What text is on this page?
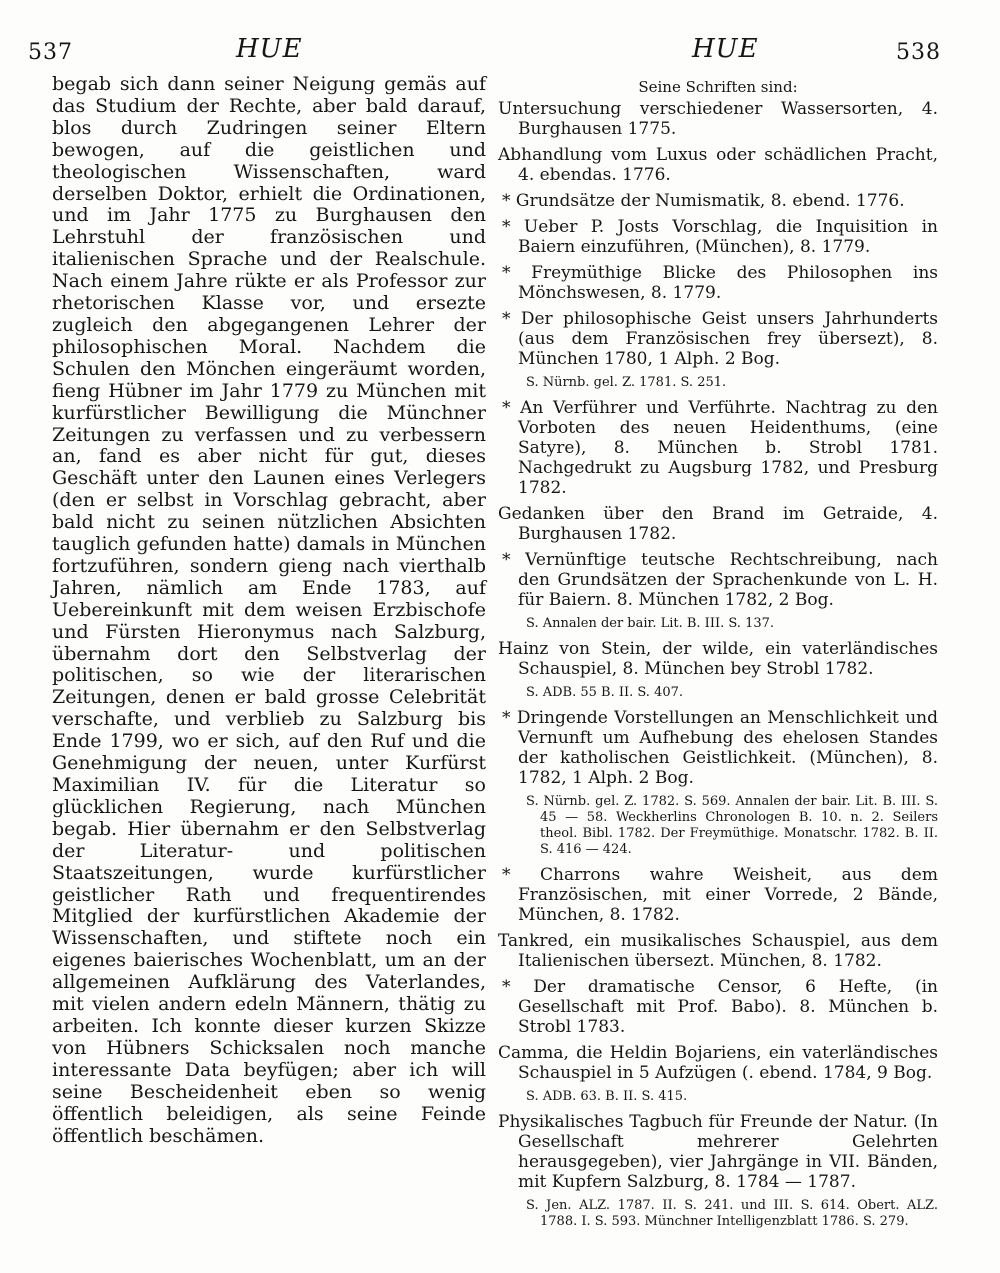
537	HUE	HUE	538

begab sich dann seiner Neigung gemäs auf das Studium der Rechte, aber bald darauf, blos durch Zudringen seiner Eltern bewogen, auf die geistlichen und theologischen Wissenschaften, ward derselben Doktor, erhielt die Ordinationen, und im Jahr 1775 zu Burghausen den Lehrstuhl der französischen und italienischen Sprache und der Realschule. Nach einem Jahre rükte er als Professor zur rhetorischen Klasse vor, und ersezte zugleich den abgegangenen Lehrer der philosophischen Moral. Nachdem die Schulen den Mönchen eingeräumt worden, fieng Hübner im Jahr 1779 zu München mit kurfürstlicher Bewilligung die Münchner Zeitungen zu verfassen und zu verbessern an, fand es aber nicht für gut, dieses Geschäft unter den Launen eines Verlegers (den er selbst in Vorschlag gebracht, aber bald nicht zu seinen nützlichen Absichten tauglich gefunden hatte) damals in München fortzuführen, sondern gieng nach vierthalb Jahren, nämlich am Ende 1783, auf Uebereinkunft mit dem weisen Erzbischofe und Fürsten Hieronymus nach Salzburg, übernahm dort den Selbstverlag der politischen, so wie der literarischen Zeitungen, denen er bald grosse Celebrität verschafte, und verblieb zu Salzburg bis Ende 1799, wo er sich, auf den Ruf und die Genehmigung der neuen, unter Kurfürst Maximilian IV. für die Literatur so glücklichen Regierung, nach München begab. Hier übernahm er den Selbstverlag der Literatur- und politischen Staatszeitungen, wurde kurfürstlicher geistlicher Rath und frequentirendes Mitglied der kurfürstlichen Akademie der Wissenschaften, und stiftete noch ein eigenes baierisches Wochenblatt, um an der allgemeinen Aufklärung des Vaterlandes, mit vielen andern edeln Männern, thätig zu arbeiten. Ich konnte dieser kurzen Skizze von Hübners Schicksalen noch manche interessante Data beyfügen; aber ich will seine Bescheidenheit eben so wenig öffentlich beleidigen, als seine Feinde öffentlich beschämen.

Seine Schriften sind:
Untersuchung verschiedener Wassersorten, 4. Burghausen 1775.
Abhandlung vom Luxus oder schädlichen Pracht, 4. ebendas. 1776.
* Grundsätze der Numismatik, 8. ebend. 1776.
* Ueber P. Josts Vorschlag, die Inquisition in Baiern einzuführen, (München), 8. 1779.
* Freymüthige Blicke des Philosophen ins Mönchswesen, 8. 1779.
* Der philosophische Geist unsers Jahrhunderts (aus dem Französischen frey übersezt), 8. München 1780, 1 Alph. 2 Bog.
S. Nürnb. gel. Z. 1781. S. 251.
* An Verführer und Verführte. Nachtrag zu den Vorboten des neuen Heidenthums, (eine Satyre), 8. München b. Strobl 1781. Nachgedrukt zu Augsburg 1782, und Presburg 1782.
Gedanken über den Brand im Getraide, 4. Burghausen 1782.
* Vernünftige teutsche Rechtschreibung, nach den Grundsätzen der Sprachenkunde von L. H. für Baiern. 8. München 1782, 2 Bog.
S. Annalen der bair. Lit. B. III. S. 137.
Hainz von Stein, der wilde, ein vaterländisches Schauspiel, 8. München bey Strobl 1782.
S. ADB. 55 B. II. S. 407.
* Dringende Vorstellungen an Menschlichkeit und Vernunft um Aufhebung des ehelosen Standes der katholischen Geistlichkeit. (München), 8. 1782, 1 Alph. 2 Bog.
S. Nürnb. gel. Z. 1782. S. 569. Annalen der bair. Lit. B. III. S. 45 — 58. Weckherlins Chronologen B. 10. n. 2. Seilers theol. Bibl. 1782. Der Freymüthige. Monatschr. 1782. B. II. S. 416 — 424.
* Charrons wahre Weisheit, aus dem Französischen, mit einer Vorrede, 2 Bände, München, 8. 1782.
Tankred, ein musikalisches Schauspiel, aus dem Italienischen übersezt. München, 8. 1782.
* Der dramatische Censor, 6 Hefte, (in Gesellschaft mit Prof. Babo). 8. München b. Strobl 1783.
Camma, die Heldin Bojariens, ein vaterländisches Schauspiel in 5 Aufzügen (. ebend. 1784, 9 Bog.
S. ADB. 63. B. II. S. 415.
Physikalisches Tagbuch für Freunde der Natur. (In Gesellschaft mehrerer Gelehrten herausgegeben), vier Jahrgänge in VII. Bänden, mit Kupfern Salzburg, 8. 1784 — 1787.
S. Jen. ALZ. 1787. II. S. 241. und III. S. 614. Obert. ALZ. 1788. I. S. 593. Münchner Intelligenzblatt 1786. S. 279.
